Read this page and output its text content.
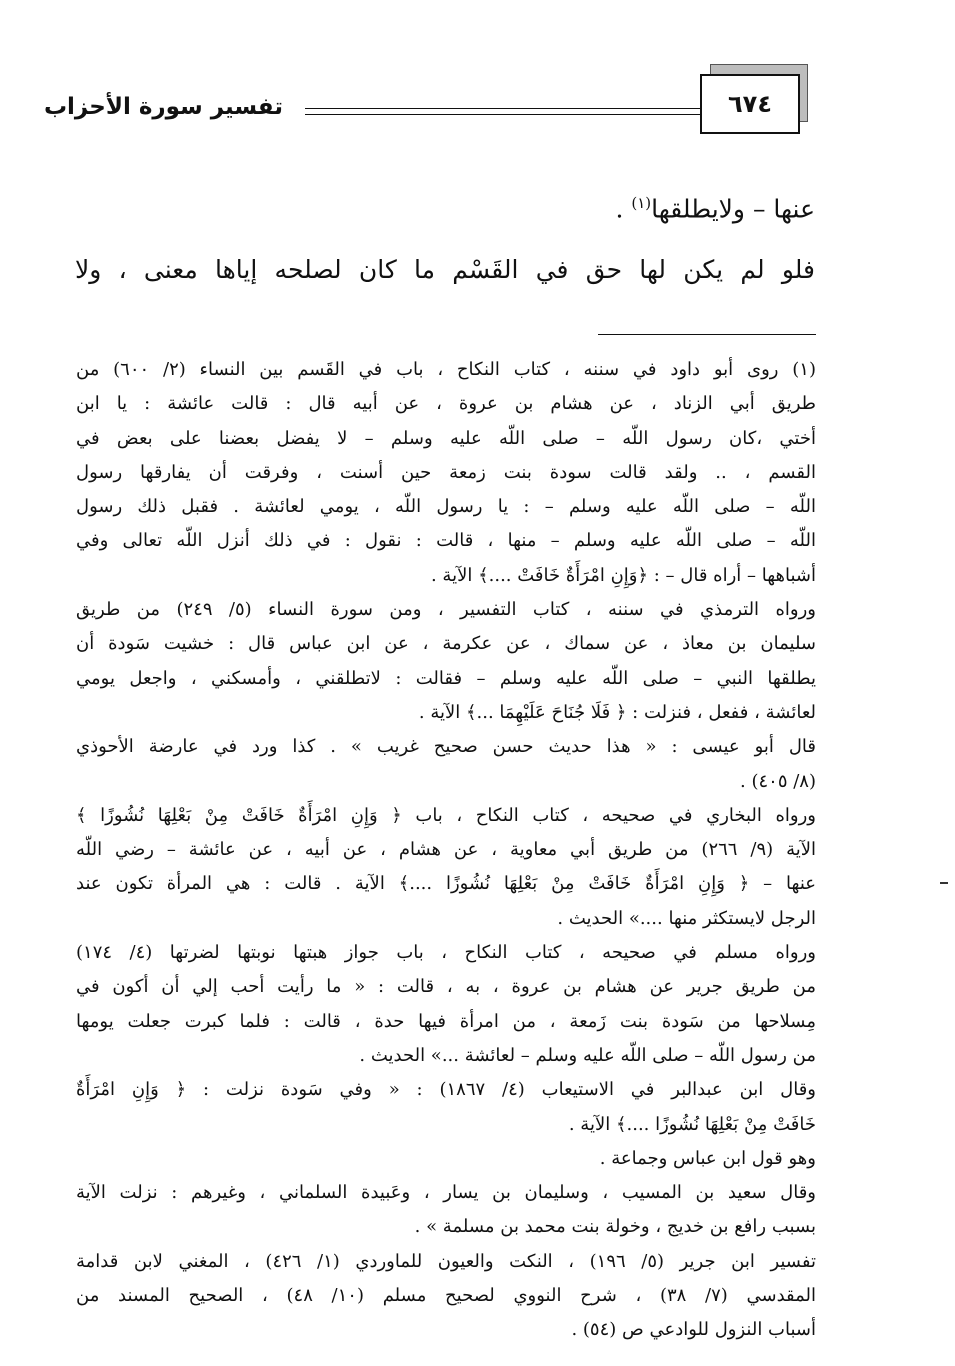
تفسير سورة الأحزاب	٦٧٤
عنها – ولايطلقها$^{(١)}$ .
فلو لم يكن لها حق في القَسْم ما كان لصلحه إياها معنى ، ولا
(١) روى أبو داود في سننه ، كتاب النكاح ، باب في القَسم بين النساء (٢/ ٦٠٠) من
طريق أبي الزناد ، عن هشام بن عروة ، عن أبيه قال : قالت عائشة : يا ابن
أختي ،كان رسول اللّه – صلى اللّه عليه وسلم – لا يفضل بعضنا على بعض في
القسم ، .. ولقد قالت سودة بنت زمعة حين أسنت ، وفرقت أن يفارقها رسول
اللّه – صلى اللّه عليه وسلم – : يا رسول اللّه ، يومي لعائشة . فقبل ذلك رسول
اللّه – صلى اللّه عليه وسلم – منها ، قالت : نقول : في ذلك أنزل اللّه تعالى وفي
أشباهها – أراه قال – : ﴿وَإِنِ امْرَأَةٌ خَافَتْ ....﴾ الآية .
ورواه الترمذي في سننه ، كتاب التفسير ، ومن سورة النساء (٥/ ٢٤٩) من طريق
سليمان بن معاذ ، عن سماك ، عن عكرمة ، عن ابن عباس قال : خشيت سَودة أن
يطلقها النبي – صلى اللّه عليه وسلم – فقالت : لاتطلقني ، وأمسكني ، واجعل يومي
لعائشة ، ففعل ، فنزلت : ﴿ فَلَا جُنَاحَ عَلَيْهِمَا ...﴾ الآية .
قال أبو عيسى : « هذا حديث حسن صحيح غريب » . كذا ورد في عارضة الأحوذي
(٨/ ٤٠٥) .
ورواه البخاري في صحيحه ، كتاب النكاح ، باب ﴿ وَإِنِ امْرَأَةٌ خَافَتْ مِنْ بَعْلِهَا نُشُوزًا ﴾
الآية (٩/ ٢٦٦) من طريق أبي معاوية ، عن هشام ، عن أبيه ، عن عائشة – رضي اللّه
عنها – ﴿ وَإِنِ امْرَأَةٌ خَافَتْ مِنْ بَعْلِهَا نُشُوزًا ....﴾ الآية . قالت : هي المرأة تكون عند
الرجل لايستكثر منها ....» الحديث .
ورواه مسلم في صحيحه ، كتاب النكاح ، باب جواز هبتها نوبتها لضرتها (٤/ ١٧٤)
من طريق جرير عن هشام بن عروة ، به ، قالت : « ما رأيت أحب إلي أن أكون في
مِسلاحها من سَودة بنت زَمعة ، من امرأة فيها حدة ، قالت : فلما كبرت جعلت يومها
من رسول اللّه – صلى اللّه عليه وسلم – لعائشة ...» الحديث .
وقال ابن عبدالبر في الاستيعاب (٤/ ١٨٦٧) : « وفي سَودة نزلت : ﴿ وَإِنِ امْرَأَةٌ
خَافَتْ مِنْ بَعْلِهَا نُشُوزًا ....﴾ الآية .
وهو قول ابن عباس وجماعة .
وقال سعيد بن المسيب ، وسليمان بن يسار ، وعَبيدة السلماني ، وغيرهم : نزلت الآية
بسبب رافع بن خديج ، وخولة بنت محمد بن مسلمة » .
تفسير ابن جرير (٥/ ١٩٦) ، النكت والعيون للماوردي (١/ ٤٢٦) ، المغني لابن قدامة
المقدسي (٧/ ٣٨) ، شرح النووي لصحيح مسلم (١٠/ ٤٨) ، الصحيح المسند من
أسباب النزول للوادعي ص (٥٤) .
